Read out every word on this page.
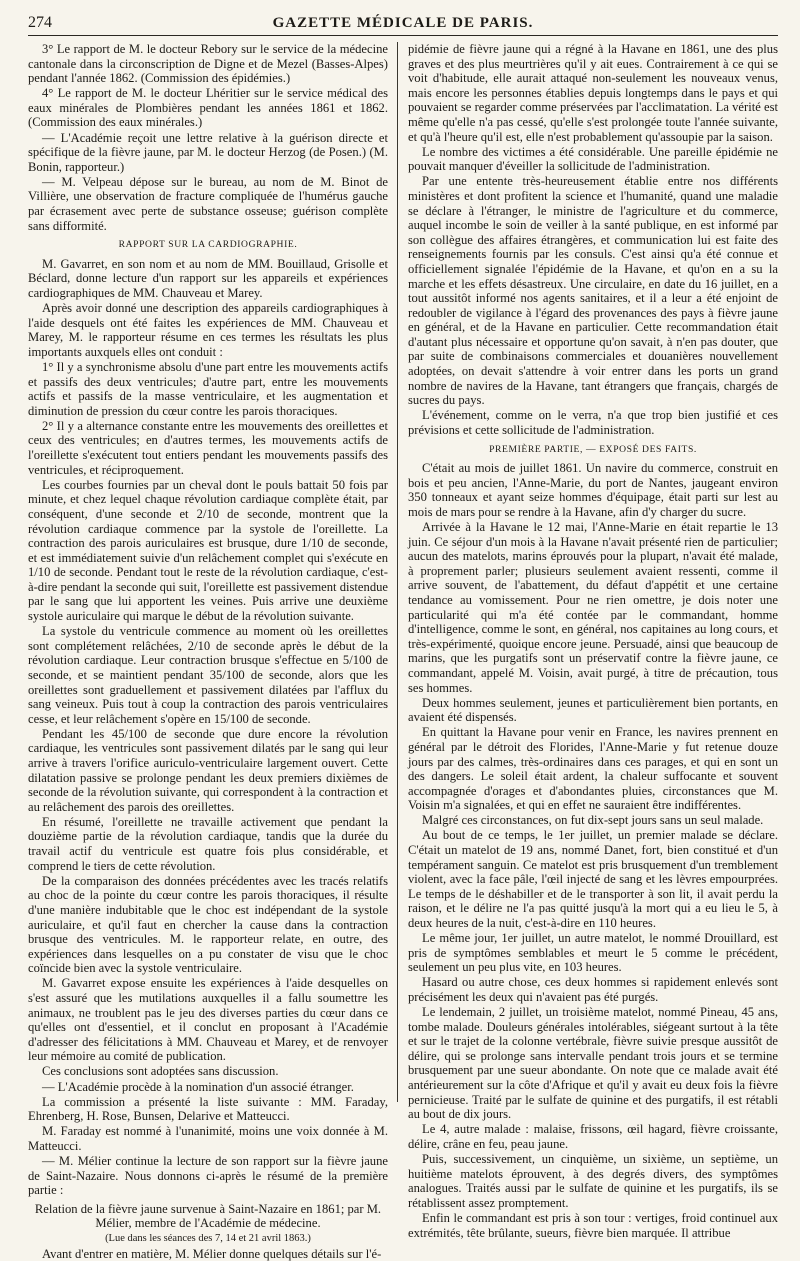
274	GAZETTE MÉDICALE DE PARIS.

3° Le rapport de M. le docteur Rebory sur le service de la médecine cantonale dans la circonscription de Digne et de Mezel (Basses-Alpes) pendant l'année 1862. (Commission des épidémies.)

4° Le rapport de M. le docteur Lhéritier sur le service médical des eaux minérales de Plombières pendant les années 1861 et 1862. (Commission des eaux minérales.)

— L'Académie reçoit une lettre relative à la guérison directe et spécifique de la fièvre jaune, par M. le docteur Herzog (de Posen.) (M. Bonin, rapporteur.)

— M. Velpeau dépose sur le bureau, au nom de M. Binot de Villière, une observation de fracture compliquée de l'humérus gauche par écrasement avec perte de substance osseuse; guérison complète sans difformité.

RAPPORT SUR LA CARDIOGRAPHIE.

M. Gavarret, en son nom et au nom de MM. Bouillaud, Grisolle et Béclard, donne lecture d'un rapport sur les appareils et expériences cardiographiques de MM. Chauveau et Marey.

Après avoir donné une description des appareils cardiographiques à l'aide desquels ont été faites les expériences de MM. Chauveau et Marey, M. le rapporteur résume en ces termes les résultats les plus importants auxquels elles ont conduit :

1° Il y a synchronisme absolu d'une part entre les mouvements actifs et passifs des deux ventricules; d'autre part, entre les mouvements actifs et passifs de la masse ventriculaire, et les augmentation et diminution de pression du cœur contre les parois thoraciques.

2° Il y a alternance constante entre les mouvements des oreillettes et ceux des ventricules; en d'autres termes, les mouvements actifs de l'oreillette s'exécutent tout entiers pendant les mouvements passifs des ventricules, et réciproquement.

Les courbes fournies par un cheval dont le pouls battait 50 fois par minute, et chez lequel chaque révolution cardiaque complète était, par conséquent, d'une seconde et 2/10 de seconde, montrent que la révolution cardiaque commence par la systole de l'oreillette. La contraction des parois auriculaires est brusque, dure 1/10 de seconde, et est immédiatement suivie d'un relâchement complet qui s'exécute en 1/10 de seconde. Pendant tout le reste de la révolution cardiaque, c'est-à-dire pendant la seconde qui suit, l'oreillette est passivement distendue par le sang que lui apportent les veines. Puis arrive une deuxième systole auriculaire qui marque le début de la révolution suivante.

La systole du ventricule commence au moment où les oreillettes sont complétement relâchées, 2/10 de seconde après le début de la révolution cardiaque. Leur contraction brusque s'effectue en 5/100 de seconde, et se maintient pendant 35/100 de seconde, alors que les oreillettes sont graduellement et passivement dilatées par l'afflux du sang veineux. Puis tout à coup la contraction des parois ventriculaires cesse, et leur relâchement s'opère en 15/100 de seconde.

Pendant les 45/100 de seconde que dure encore la révolution cardiaque, les ventricules sont passivement dilatés par le sang qui leur arrive à travers l'orifice auriculo-ventriculaire largement ouvert. Cette dilatation passive se prolonge pendant les deux premiers dixièmes de seconde de la révolution suivante, qui correspondent à la contraction et au relâchement des parois des oreillettes.

En résumé, l'oreillette ne travaille activement que pendant la douzième partie de la révolution cardiaque, tandis que la durée du travail actif du ventricule est quatre fois plus considérable, et comprend le tiers de cette révolution.

De la comparaison des données précédentes avec les tracés relatifs au choc de la pointe du cœur contre les parois thoraciques, il résulte d'une manière indubitable que le choc est indépendant de la systole auriculaire, et qu'il faut en chercher la cause dans la contraction brusque des ventricules. M. le rapporteur relate, en outre, des expériences dans lesquelles on a pu constater de visu que le choc coïncide bien avec la systole ventriculaire.

M. Gavarret expose ensuite les expériences à l'aide desquelles on s'est assuré que les mutilations auxquelles il a fallu soumettre les animaux, ne troublent pas le jeu des diverses parties du cœur dans ce qu'elles ont d'essentiel, et il conclut en proposant à l'Académie d'adresser des félicitations à MM. Chauveau et Marey, et de renvoyer leur mémoire au comité de publication.

Ces conclusions sont adoptées sans discussion.

— L'Académie procède à la nomination d'un associé étranger.

La commission a présenté la liste suivante : MM. Faraday, Ehrenberg, H. Rose, Bunsen, Delarive et Matteucci.

M. Faraday est nommé à l'unanimité, moins une voix donnée à M. Matteucci.

— M. Mélier continue la lecture de son rapport sur la fièvre jaune de Saint-Nazaire. Nous donnons ci-après le résumé de la première partie :

Relation de la fièvre jaune survenue à Saint-Nazaire en 1861; par M. Mélier, membre de l'Académie de médecine.

(Lue dans les séances des 7, 14 et 21 avril 1863.)

Avant d'entrer en matière, M. Mélier donne quelques détails sur l'é-

pidémie de fièvre jaune qui a régné à la Havane en 1861, une des plus graves et des plus meurtrières qu'il y ait eues. Contrairement à ce qui se voit d'habitude, elle aurait attaqué non-seulement les nouveaux venus, mais encore les personnes établies depuis longtemps dans le pays et qui pouvaient se regarder comme préservées par l'acclimatation. La vérité est même qu'elle n'a pas cessé, qu'elle s'est prolongée toute l'année suivante, et qu'à l'heure qu'il est, elle n'est probablement qu'assoupie par la saison.

Le nombre des victimes a été considérable. Une pareille épidémie ne pouvait manquer d'éveiller la sollicitude de l'administration.

Par une entente très-heureusement établie entre nos différents ministères et dont profitent la science et l'humanité, quand une maladie se déclare à l'étranger, le ministre de l'agriculture et du commerce, auquel incombe le soin de veiller à la santé publique, en est informé par son collègue des affaires étrangères, et communication lui est faite des renseignements fournis par les consuls. C'est ainsi qu'a été connue et officiellement signalée l'épidémie de la Havane, et qu'on en a su la marche et les effets désastreux. Une circulaire, en date du 16 juillet, en a tout aussitôt informé nos agents sanitaires, et il a leur a été enjoint de redoubler de vigilance à l'égard des provenances des pays à fièvre jaune en général, et de la Havane en particulier. Cette recommandation était d'autant plus nécessaire et opportune qu'on savait, à n'en pas douter, que par suite de combinaisons commerciales et douanières nouvellement adoptées, on devait s'attendre à voir entrer dans les ports un grand nombre de navires de la Havane, tant étrangers que français, chargés de sucres du pays.

L'événement, comme on le verra, n'a que trop bien justifié et ces prévisions et cette sollicitude de l'administration.

PREMIÈRE PARTIE, — EXPOSÉ DES FAITS.

C'était au mois de juillet 1861. Un navire du commerce, construit en bois et peu ancien, l'Anne-Marie, du port de Nantes, jaugeant environ 350 tonneaux et ayant seize hommes d'équipage, était parti sur lest au mois de mars pour se rendre à la Havane, afin d'y charger du sucre.

Arrivée à la Havane le 12 mai, l'Anne-Marie en était repartie le 13 juin. Ce séjour d'un mois à la Havane n'avait présenté rien de particulier; aucun des matelots, marins éprouvés pour la plupart, n'avait été malade, à proprement parler; plusieurs seulement avaient ressenti, comme il arrive souvent, de l'abattement, du défaut d'appétit et une certaine tendance au vomissement. Pour ne rien omettre, je dois noter une particularité qui m'a été contée par le commandant, homme d'intelligence, comme le sont, en général, nos capitaines au long cours, et très-expérimenté, quoique encore jeune. Persuadé, ainsi que beaucoup de marins, que les purgatifs sont un préservatif contre la fièvre jaune, ce commandant, appelé M. Voisin, avait purgé, à titre de précaution, tous ses hommes.

Deux hommes seulement, jeunes et particulièrement bien portants, en avaient été dispensés.

En quittant la Havane pour venir en France, les navires prennent en général par le détroit des Florides, l'Anne-Marie y fut retenue douze jours par des calmes, très-ordinaires dans ces parages, et qui en sont un des dangers. Le soleil était ardent, la chaleur suffocante et souvent accompagnée d'orages et d'abondantes pluies, circonstances que M. Voisin m'a signalées, et qui en effet ne sauraient être indifférentes.

Malgré ces circonstances, on fut dix-sept jours sans un seul malade.

Au bout de ce temps, le 1er juillet, un premier malade se déclare. C'était un matelot de 19 ans, nommé Danet, fort, bien constitué et d'un tempérament sanguin. Ce matelot est pris brusquement d'un tremblement violent, avec la face pâle, l'œil injecté de sang et les lèvres empourprées. Le temps de le déshabiller et de le transporter à son lit, il avait perdu la raison, et le délire ne l'a pas quitté jusqu'à la mort qui a eu lieu le 5, à deux heures de la nuit, c'est-à-dire en 110 heures.

Le même jour, 1er juillet, un autre matelot, le nommé Drouillard, est pris de symptômes semblables et meurt le 5 comme le précédent, seulement un peu plus vite, en 103 heures.

Hasard ou autre chose, ces deux hommes si rapidement enlevés sont précisément les deux qui n'avaient pas été purgés.

Le lendemain, 2 juillet, un troisième matelot, nommé Pineau, 45 ans, tombe malade. Douleurs générales intolérables, siégeant surtout à la tête et sur le trajet de la colonne vertébrale, fièvre suivie presque aussitôt de délire, qui se prolonge sans intervalle pendant trois jours et se termine brusquement par une sueur abondante. On note que ce malade avait été antérieurement sur la côte d'Afrique et qu'il y avait eu deux fois la fièvre pernicieuse. Traité par le sulfate de quinine et des purgatifs, il est rétabli au bout de dix jours.

Le 4, autre malade : malaise, frissons, œil hagard, fièvre croissante, délire, crâne en feu, peau jaune.

Puis, successivement, un cinquième, un sixième, un septième, un huitième matelots éprouvent, à des degrés divers, des symptômes analogues. Traités aussi par le sulfate de quinine et les purgatifs, ils se rétablissent assez promptement.

Enfin le commandant est pris à son tour : vertiges, froid continuel aux extrémités, tête brûlante, sueurs, fièvre bien marquée. Il attribue
